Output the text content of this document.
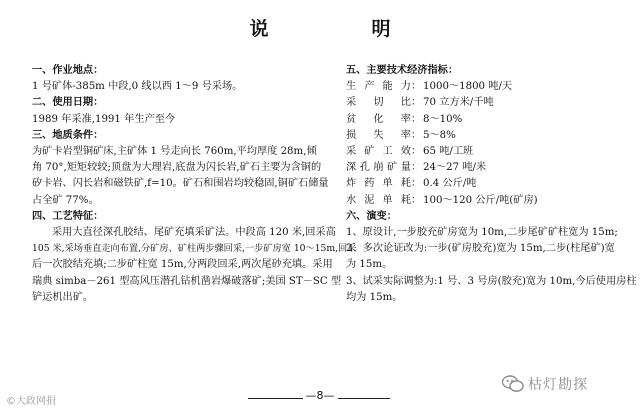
说　明
一、作业地点：
1 号矿体-385m 中段,0 线以西 1～9 号采场。
二、使用日期：
1989 年采准,1991 年生产至今
三、地质条件：
为矿卡岩型铜矿床,主矿体 1 号走向长 760m,平均厚度 28m,倾
角 70°,矩矩较较;顶盘为大理岩,底盘为闪长岩,矿石主要为含铜的
矽卡岩、闪长岩和磁铁矿,f=10。矿石和围岩均较稳固,铜矿石储量
占全矿 77%。
四、工艺特征：
采用大直径深孔胶结、尾矿充填采矿法。中段高 120 米,回采高
105 米,采场垂直走向布置,分矿房、矿柱两步骤回采,一步矿房宽 10～15m,回采
后一次胶结充填;二步矿柱宽 15m,分两段回采,两次尾砂充填。采用
瑞典 simba－261 型高风压潜孔钻机凿岩爆破落矿;美国 ST－SC 型
铲运机出矿。
五、主要技术经济指标：
生产能力 ： 1000～1800 吨/天
采切比 ： 70 立方米/千吨
贫化率 ： 8～10%
损失率 ： 5～8%
采矿工效 ： 65 吨/工班
深孔崩矿量 ： 24～27 吨/米
炸药单耗 ： 0.4 公斤/吨
水泥单耗 ： 100～120 公斤/吨(矿房)
六、演变：
1、原设计,一步胶充矿房宽为 10m,二步尾矿矿柱宽为 15m;
2、多次论证改为:一步(矿房胶充)宽为 15m,二步(柱尾矿)宽
为 15m。
3、试采实际调整为:1 号、3 号房(胶充)宽为 10m,今后使用房柱
均为 15m。
—8—
©大政网捐
枯灯勘探
